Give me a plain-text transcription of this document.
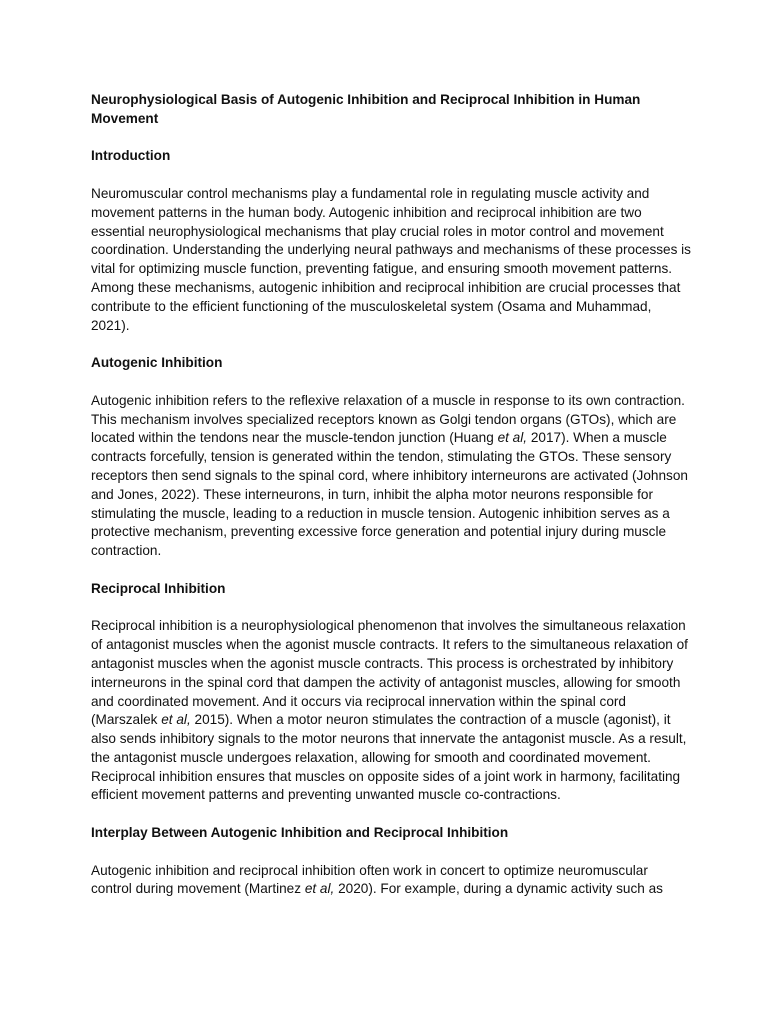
Neurophysiological Basis of Autogenic Inhibition and Reciprocal Inhibition in Human Movement

Introduction

Neuromuscular control mechanisms play a fundamental role in regulating muscle activity and movement patterns in the human body. Autogenic inhibition and reciprocal inhibition are two essential neurophysiological mechanisms that play crucial roles in motor control and movement coordination. Understanding the underlying neural pathways and mechanisms of these processes is vital for optimizing muscle function, preventing fatigue, and ensuring smooth movement patterns. Among these mechanisms, autogenic inhibition and reciprocal inhibition are crucial processes that contribute to the efficient functioning of the musculoskeletal system (Osama and Muhammad, 2021).

Autogenic Inhibition

Autogenic inhibition refers to the reflexive relaxation of a muscle in response to its own contraction. This mechanism involves specialized receptors known as Golgi tendon organs (GTOs), which are located within the tendons near the muscle-tendon junction (Huang et al, 2017). When a muscle contracts forcefully, tension is generated within the tendon, stimulating the GTOs. These sensory receptors then send signals to the spinal cord, where inhibitory interneurons are activated (Johnson and Jones, 2022). These interneurons, in turn, inhibit the alpha motor neurons responsible for stimulating the muscle, leading to a reduction in muscle tension. Autogenic inhibition serves as a protective mechanism, preventing excessive force generation and potential injury during muscle contraction.

Reciprocal Inhibition

Reciprocal inhibition is a neurophysiological phenomenon that involves the simultaneous relaxation of antagonist muscles when the agonist muscle contracts. It refers to the simultaneous relaxation of antagonist muscles when the agonist muscle contracts. This process is orchestrated by inhibitory interneurons in the spinal cord that dampen the activity of antagonist muscles, allowing for smooth and coordinated movement. And it occurs via reciprocal innervation within the spinal cord (Marszalek et al, 2015). When a motor neuron stimulates the contraction of a muscle (agonist), it also sends inhibitory signals to the motor neurons that innervate the antagonist muscle. As a result, the antagonist muscle undergoes relaxation, allowing for smooth and coordinated movement. Reciprocal inhibition ensures that muscles on opposite sides of a joint work in harmony, facilitating efficient movement patterns and preventing unwanted muscle co-contractions.

Interplay Between Autogenic Inhibition and Reciprocal Inhibition

Autogenic inhibition and reciprocal inhibition often work in concert to optimize neuromuscular control during movement (Martinez et al, 2020). For example, during a dynamic activity such as
